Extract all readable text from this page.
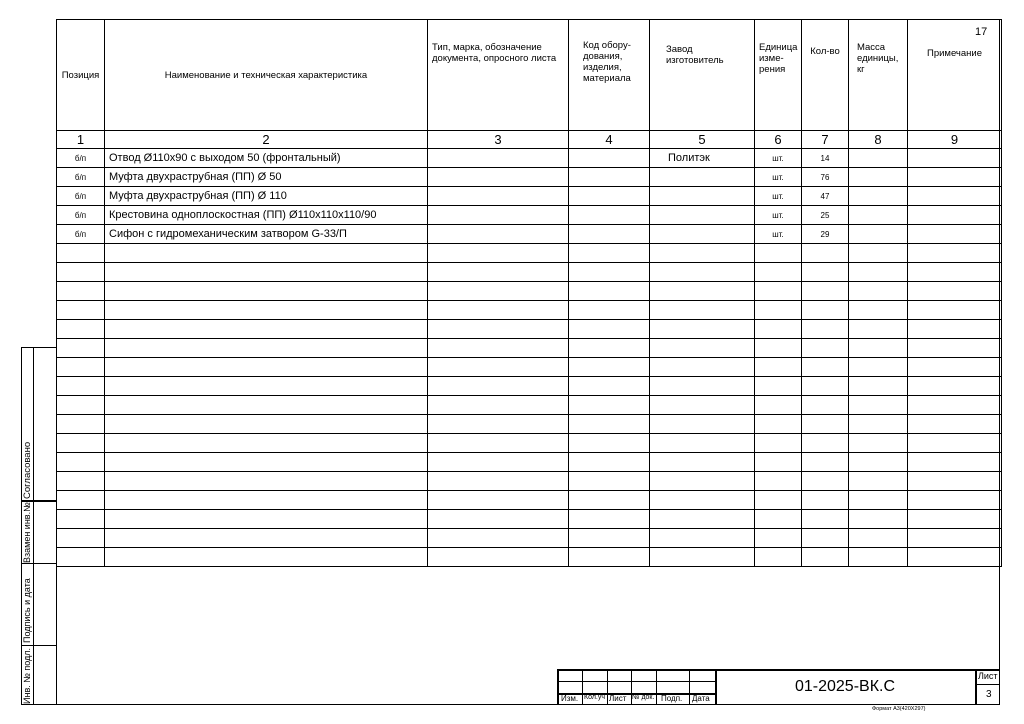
17
Позиция	Наименование и техническая характеристика	Тип, марка, обозначение документа, опросного листа	Код обору- дования, изделия, материала	Завод изготовитель	Единица изме- рения	Кол-во	Масса единицы, кг	Примечание
1	2	3	4	5	6	7	8	9
б/п	Отвод Ø110х90 с выходом 50 (фронтальный)			Политэк	шт.	14		
б/п	Муфта двухраструбная (ПП) Ø 50				шт.	76		
б/п	Муфта двухраструбная (ПП) Ø 110				шт.	47		
б/п	Крестовина одноплоскостная (ПП) Ø110х110х110/90				шт.	25		
б/п	Сифон с гидромеханическим затвором G-33/П				шт.	29		

Согласовано
Взамен инв.№
Подпись и дата
Инв. № подл.	Изм. Кол.уч Лист № док. Подп. Дата
01-2025-ВК.С
Лист
3
Формат А3(420Х297)
